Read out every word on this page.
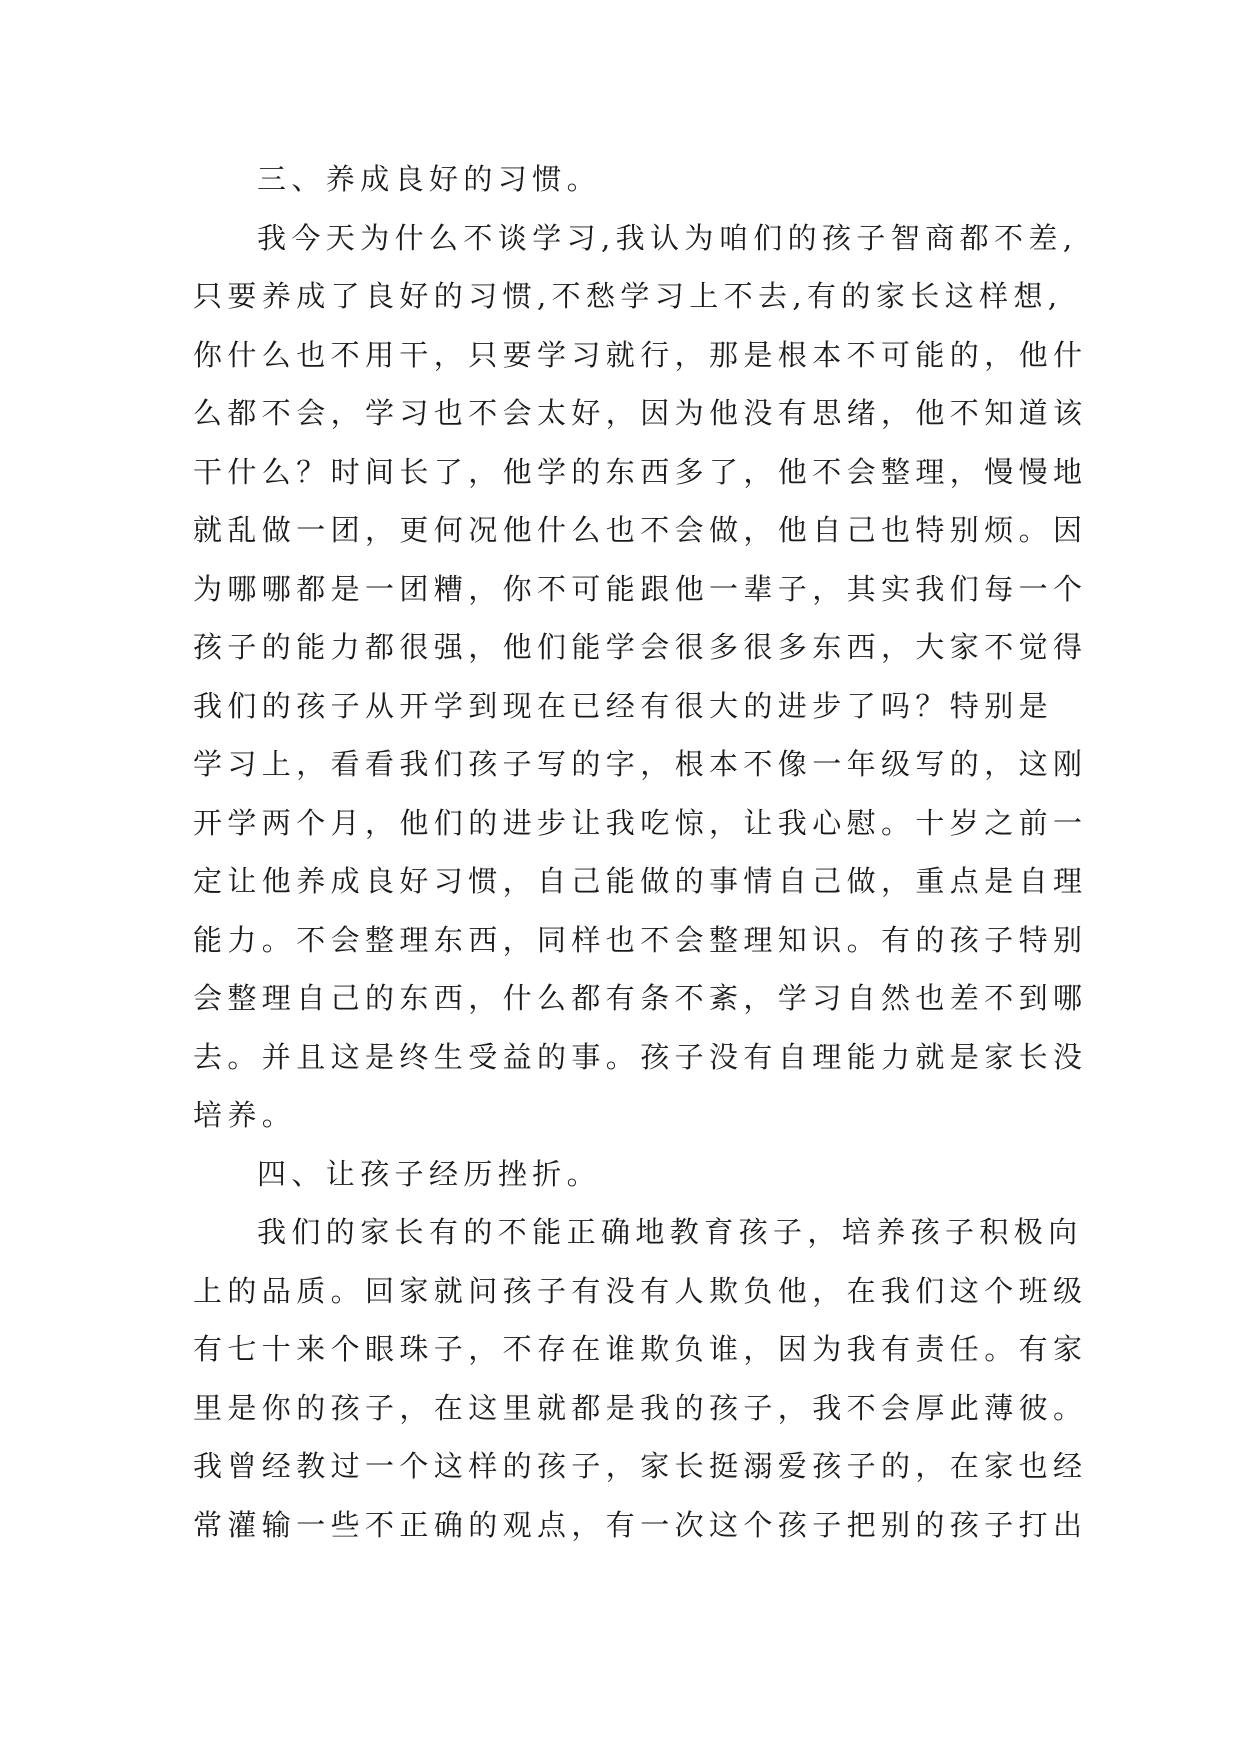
三、养成良好的习惯。
我今天为什么不谈学习,我认为咱们的孩子智商都不差,
只要养成了良好的习惯,不愁学习上不去,有的家长这样想,
你什么也不用干，只要学习就行，那是根本不可能的，他什
么都不会，学习也不会太好，因为他没有思绪，他不知道该
干什么？时间长了，他学的东西多了，他不会整理，慢慢地
就乱做一团，更何况他什么也不会做，他自己也特别烦。因
为哪哪都是一团糟，你不可能跟他一辈子，其实我们每一个
孩子的能力都很强，他们能学会很多很多东西，大家不觉得
我们的孩子从开学到现在已经有很大的进步了吗？特别是
学习上，看看我们孩子写的字，根本不像一年级写的，这刚
开学两个月，他们的进步让我吃惊，让我心慰。十岁之前一
定让他养成良好习惯，自己能做的事情自己做，重点是自理
能力。不会整理东西，同样也不会整理知识。有的孩子特别
会整理自己的东西，什么都有条不紊，学习自然也差不到哪
去。并且这是终生受益的事。孩子没有自理能力就是家长没
培养。
四、让孩子经历挫折。
我们的家长有的不能正确地教育孩子，培养孩子积极向
上的品质。回家就问孩子有没有人欺负他，在我们这个班级
有七十来个眼珠子，不存在谁欺负谁，因为我有责任。有家
里是你的孩子，在这里就都是我的孩子，我不会厚此薄彼。
我曾经教过一个这样的孩子，家长挺溺爱孩子的，在家也经
常灌输一些不正确的观点，有一次这个孩子把别的孩子打出
